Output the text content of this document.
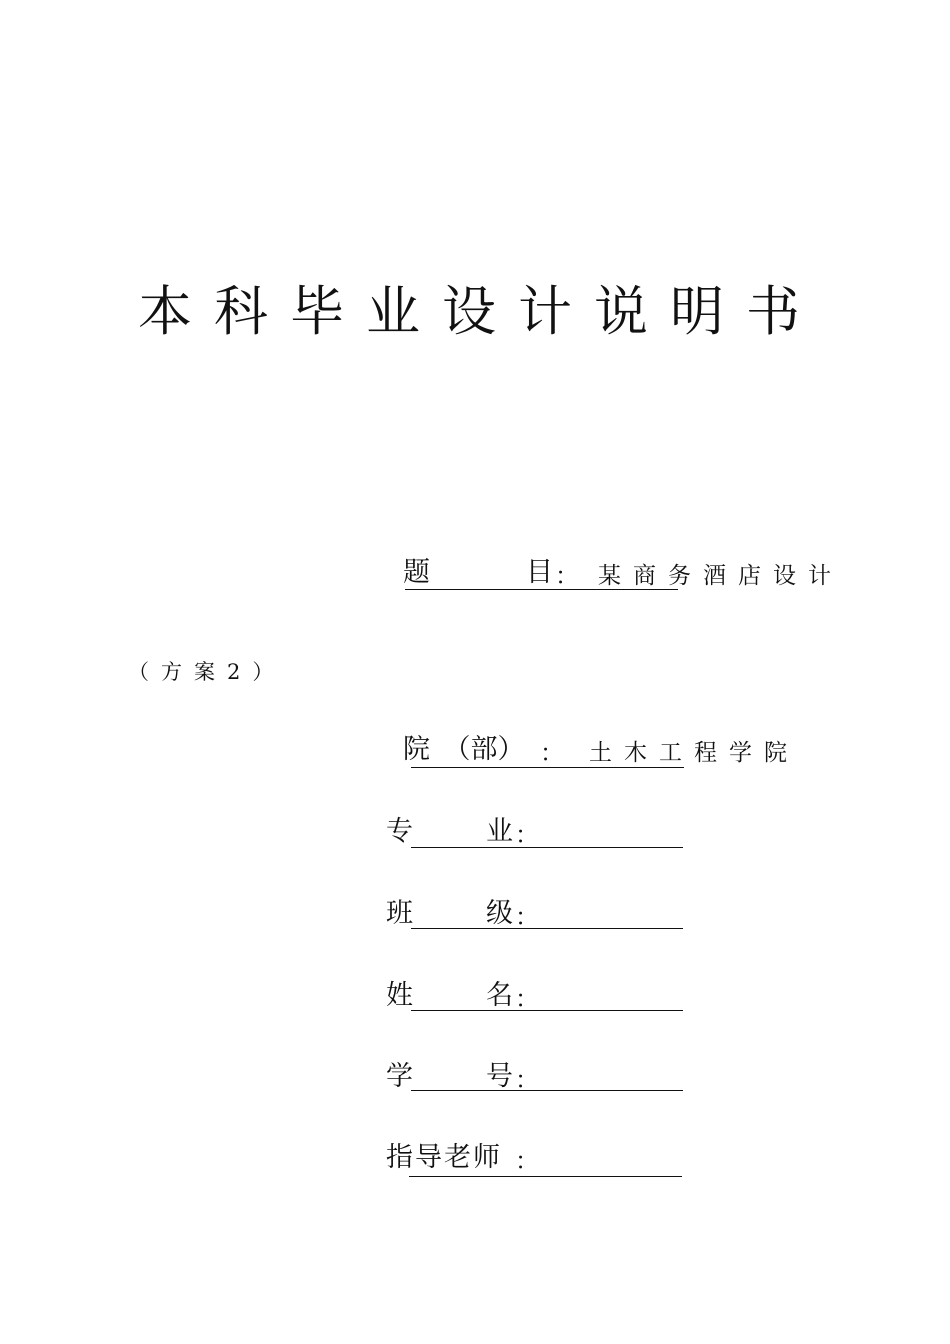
本科毕业设计说明书
题	目 ： 某商务酒店设计
（方案2）
院　（部） ： 土木工程学院
专	业 ：
班	级 ：
姓	名 ：
学	号 ：
指导老师 ：
